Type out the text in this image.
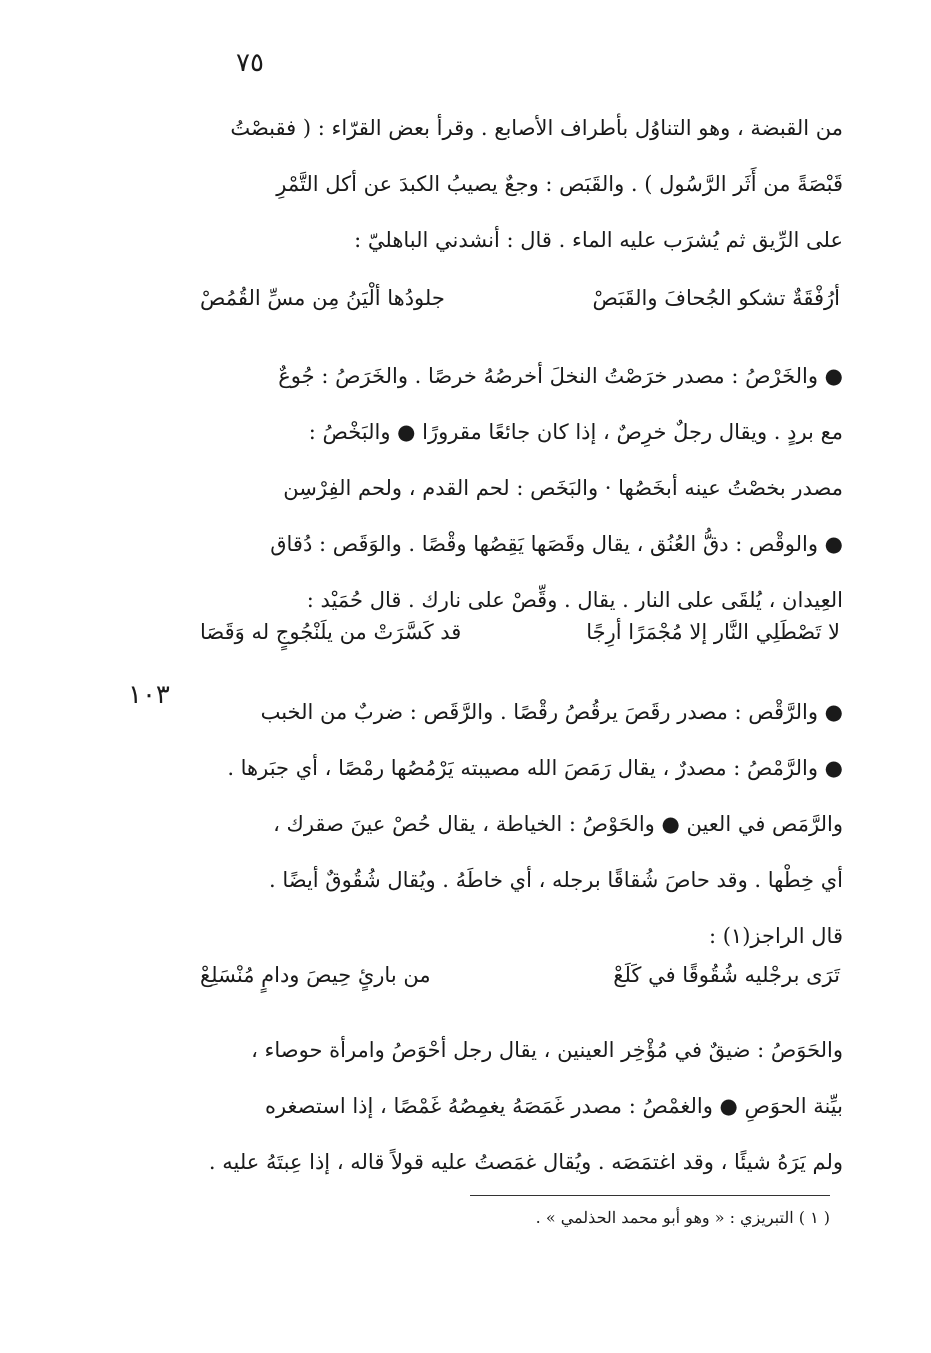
٧٥
من القبضة ، وهو التناوُل بأطراف الأصابع . وقرأ بعض القرّاء : ( فقبصْتُ
قَبْصَةً من أَثَر الرَّسُول ) . والقَبَص : وجعٌ يصيبُ الكبدَ عن أكل التَّمْرِ
على الرِّيق ثم يُشرَب عليه الماء . قال : أنشدني الباهليّ :
أرُفْقَةٌ تشكو الجُحافَ والقَبَصْ
جلودُها ألْيَنُ مِن مسِّ القُمُصْ
● والخَرْصُ : مصدر خرَصْتُ النخلَ أخرصُهُ خرصًا . والخَرَصُ : جُوعٌ
مع بردٍ . ويقال رجلٌ خرِصٌ ، إذا كان جائعًا مقرورًا ● والبَخْصُ :
مصدر بخصْتُ عينه أبخَصُها · والبَخَص : لحم القدم ، ولحم الفِرْسِن
● والوقْص : دقُّ العُنُق ، يقال وقَصَها يَقِصُها وقْصًا . والوَقَص : دُقاق
العِيدان ، يُلقَى على النار . يقال . وقِّصْ على نارك . قال حُمَيْد :
لا تَصْطَلِي النَّار إلا مُجْمَرًا أرِجًا
قد كَسَّرَتْ من يلَنْجُوجٍ له وَقَصَا
١٠٣
● والرَّقْص : مصدر رقَصَ يرقُصُ رقْصًا . والرَّقَص : ضربٌ من الخبب
● والرَّمْصُ : مصدرٌ ، يقال رَمَصَ الله مصيبته يَرْمُصُها رمْصًا ، أي جبَرها .
والرَّمَص في العين ● والحَوْصُ : الخياطة ، يقال حُصْ عينَ صقرك ،
أي خِطْها . وقد حاصَ شُقاقًا برجله ، أي خاطَهُ . ويُقال شُقُوقٌ أيضًا .
قال الراجز(١) :
تَرَى برجْليه شُقُوقًا في كَلَعْ
من بارئٍ حِيصَ ودامٍ مُنْسَلِعْ
والحَوَصُ : ضيقٌ في مُؤْخِر العينين ، يقال رجل أحْوَصُ وامرأة حوصاء ،
بيِّنة الحوَصِ ● والغمْصُ : مصدر غَمَصَهُ يغمِصُهُ غَمْصًا ، إذا استصغره
ولم يَرَهُ شيئًا ، وقد اغتمَصَه . ويُقال غمَصتُ عليه قولاً قاله ، إذا عِبتَهُ عليه .
( ١ ) التبريزي : « وهو أبو محمد الحذلمي » .
